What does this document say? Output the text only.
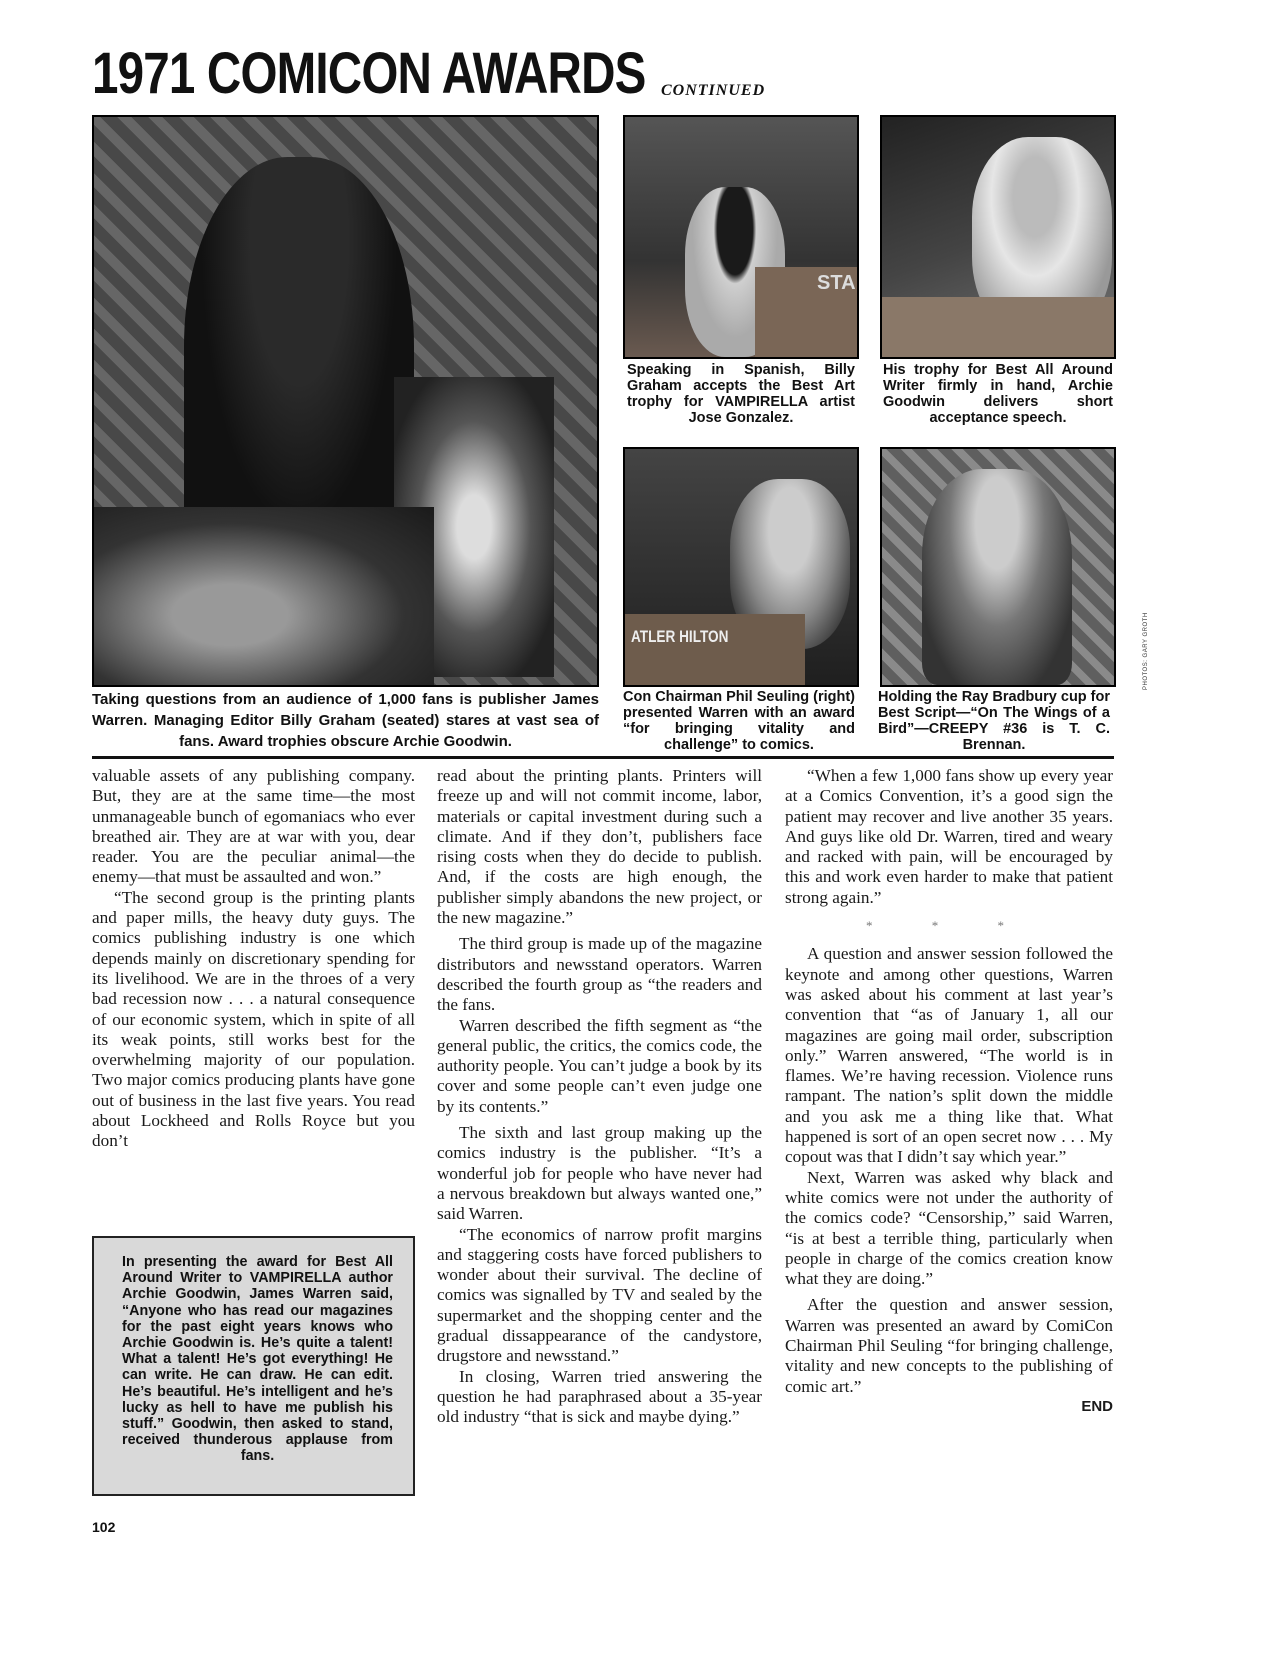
1971 COMICON AWARDS CONTINUED
STA
ATLER HILTON	PHOTOS: GARY GROTH
Taking questions from an audience of 1,000 fans is publisher James Warren. Managing Editor Billy Graham (seated) stares at vast sea of fans. Award trophies obscure Archie Goodwin.
Speaking in Spanish, Billy Graham accepts the Best Art trophy for VAMPIRELLA artist Jose Gonzalez.
His trophy for Best All Around Writer firmly in hand, Archie Goodwin delivers short acceptance speech.
Con Chairman Phil Seuling (right) presented Warren with an award “for bringing vitality and challenge” to comics.
Holding the Ray Bradbury cup for Best Script—“On The Wings of a Bird”—CREEPY #36 is T. C. Brennan.

valuable assets of any publishing company. But, they are at the same time—the most unmanageable bunch of egomaniacs who ever breathed air. They are at war with you, dear reader. You are the peculiar animal—the enemy—that must be assaulted and won.”

“The second group is the printing plants and paper mills, the heavy duty guys. The comics publishing industry is one which depends mainly on discretionary spending for its livelihood. We are in the throes of a very bad recession now . . . a natural consequence of our economic system, which in spite of all its weak points, still works best for the overwhelming majority of our population. Two major comics producing plants have gone out of business in the last five years. You read about Lockheed and Rolls Royce but you don’t

read about the printing plants. Printers will freeze up and will not commit income, labor, materials or capital investment during such a climate. And if they don’t, publishers face rising costs when they do decide to publish. And, if the costs are high enough, the publisher simply abandons the new project, or the new magazine.”

The third group is made up of the magazine distributors and newsstand operators. Warren described the fourth group as “the readers and the fans.

Warren described the fifth segment as “the general public, the critics, the comics code, the authority people. You can’t judge a book by its cover and some people can’t even judge one by its contents.”

The sixth and last group making up the comics industry is the publisher. “It’s a wonderful job for people who have never had a nervous breakdown but always wanted one,” said Warren.

“The economics of narrow profit margins and staggering costs have forced publishers to wonder about their survival. The decline of comics was signalled by TV and sealed by the supermarket and the shopping center and the gradual dissappearance of the candystore, drugstore and newsstand.”

In closing, Warren tried answering the question he had paraphrased about a 35-year old industry “that is sick and maybe dying.”

“When a few 1,000 fans show up every year at a Comics Convention, it’s a good sign the patient may recover and live another 35 years. And guys like old Dr. Warren, tired and weary and racked with pain, will be encouraged by this and work even harder to make that patient strong again.”

* * *

A question and answer session followed the keynote and among other questions, Warren was asked about his comment at last year’s convention that “as of January 1, all our magazines are going mail order, subscription only.” Warren answered, “The world is in flames. We’re having recession. Violence runs rampant. The nation’s split down the middle and you ask me a thing like that. What happened is sort of an open secret now . . . My copout was that I didn’t say which year.”

Next, Warren was asked why black and white comics were not under the authority of the comics code? “Censorship,” said Warren, “is at best a terrible thing, particularly when people in charge of the comics creation know what they are doing.”

After the question and answer session, Warren was presented an award by ComiCon Chairman Phil Seuling “for bringing challenge, vitality and new concepts to the publishing of comic art.”

END
In presenting the award for Best All Around Writer to VAMPIRELLA author Archie Goodwin, James Warren said, “Anyone who has read our magazines for the past eight years knows who Archie Goodwin is. He’s quite a talent! What a talent! He’s got everything! He can write. He can draw. He can edit. He’s beautiful. He’s intelligent and he’s lucky as hell to have me publish his stuff.” Goodwin, then asked to stand, received thunderous applause from fans.
102
